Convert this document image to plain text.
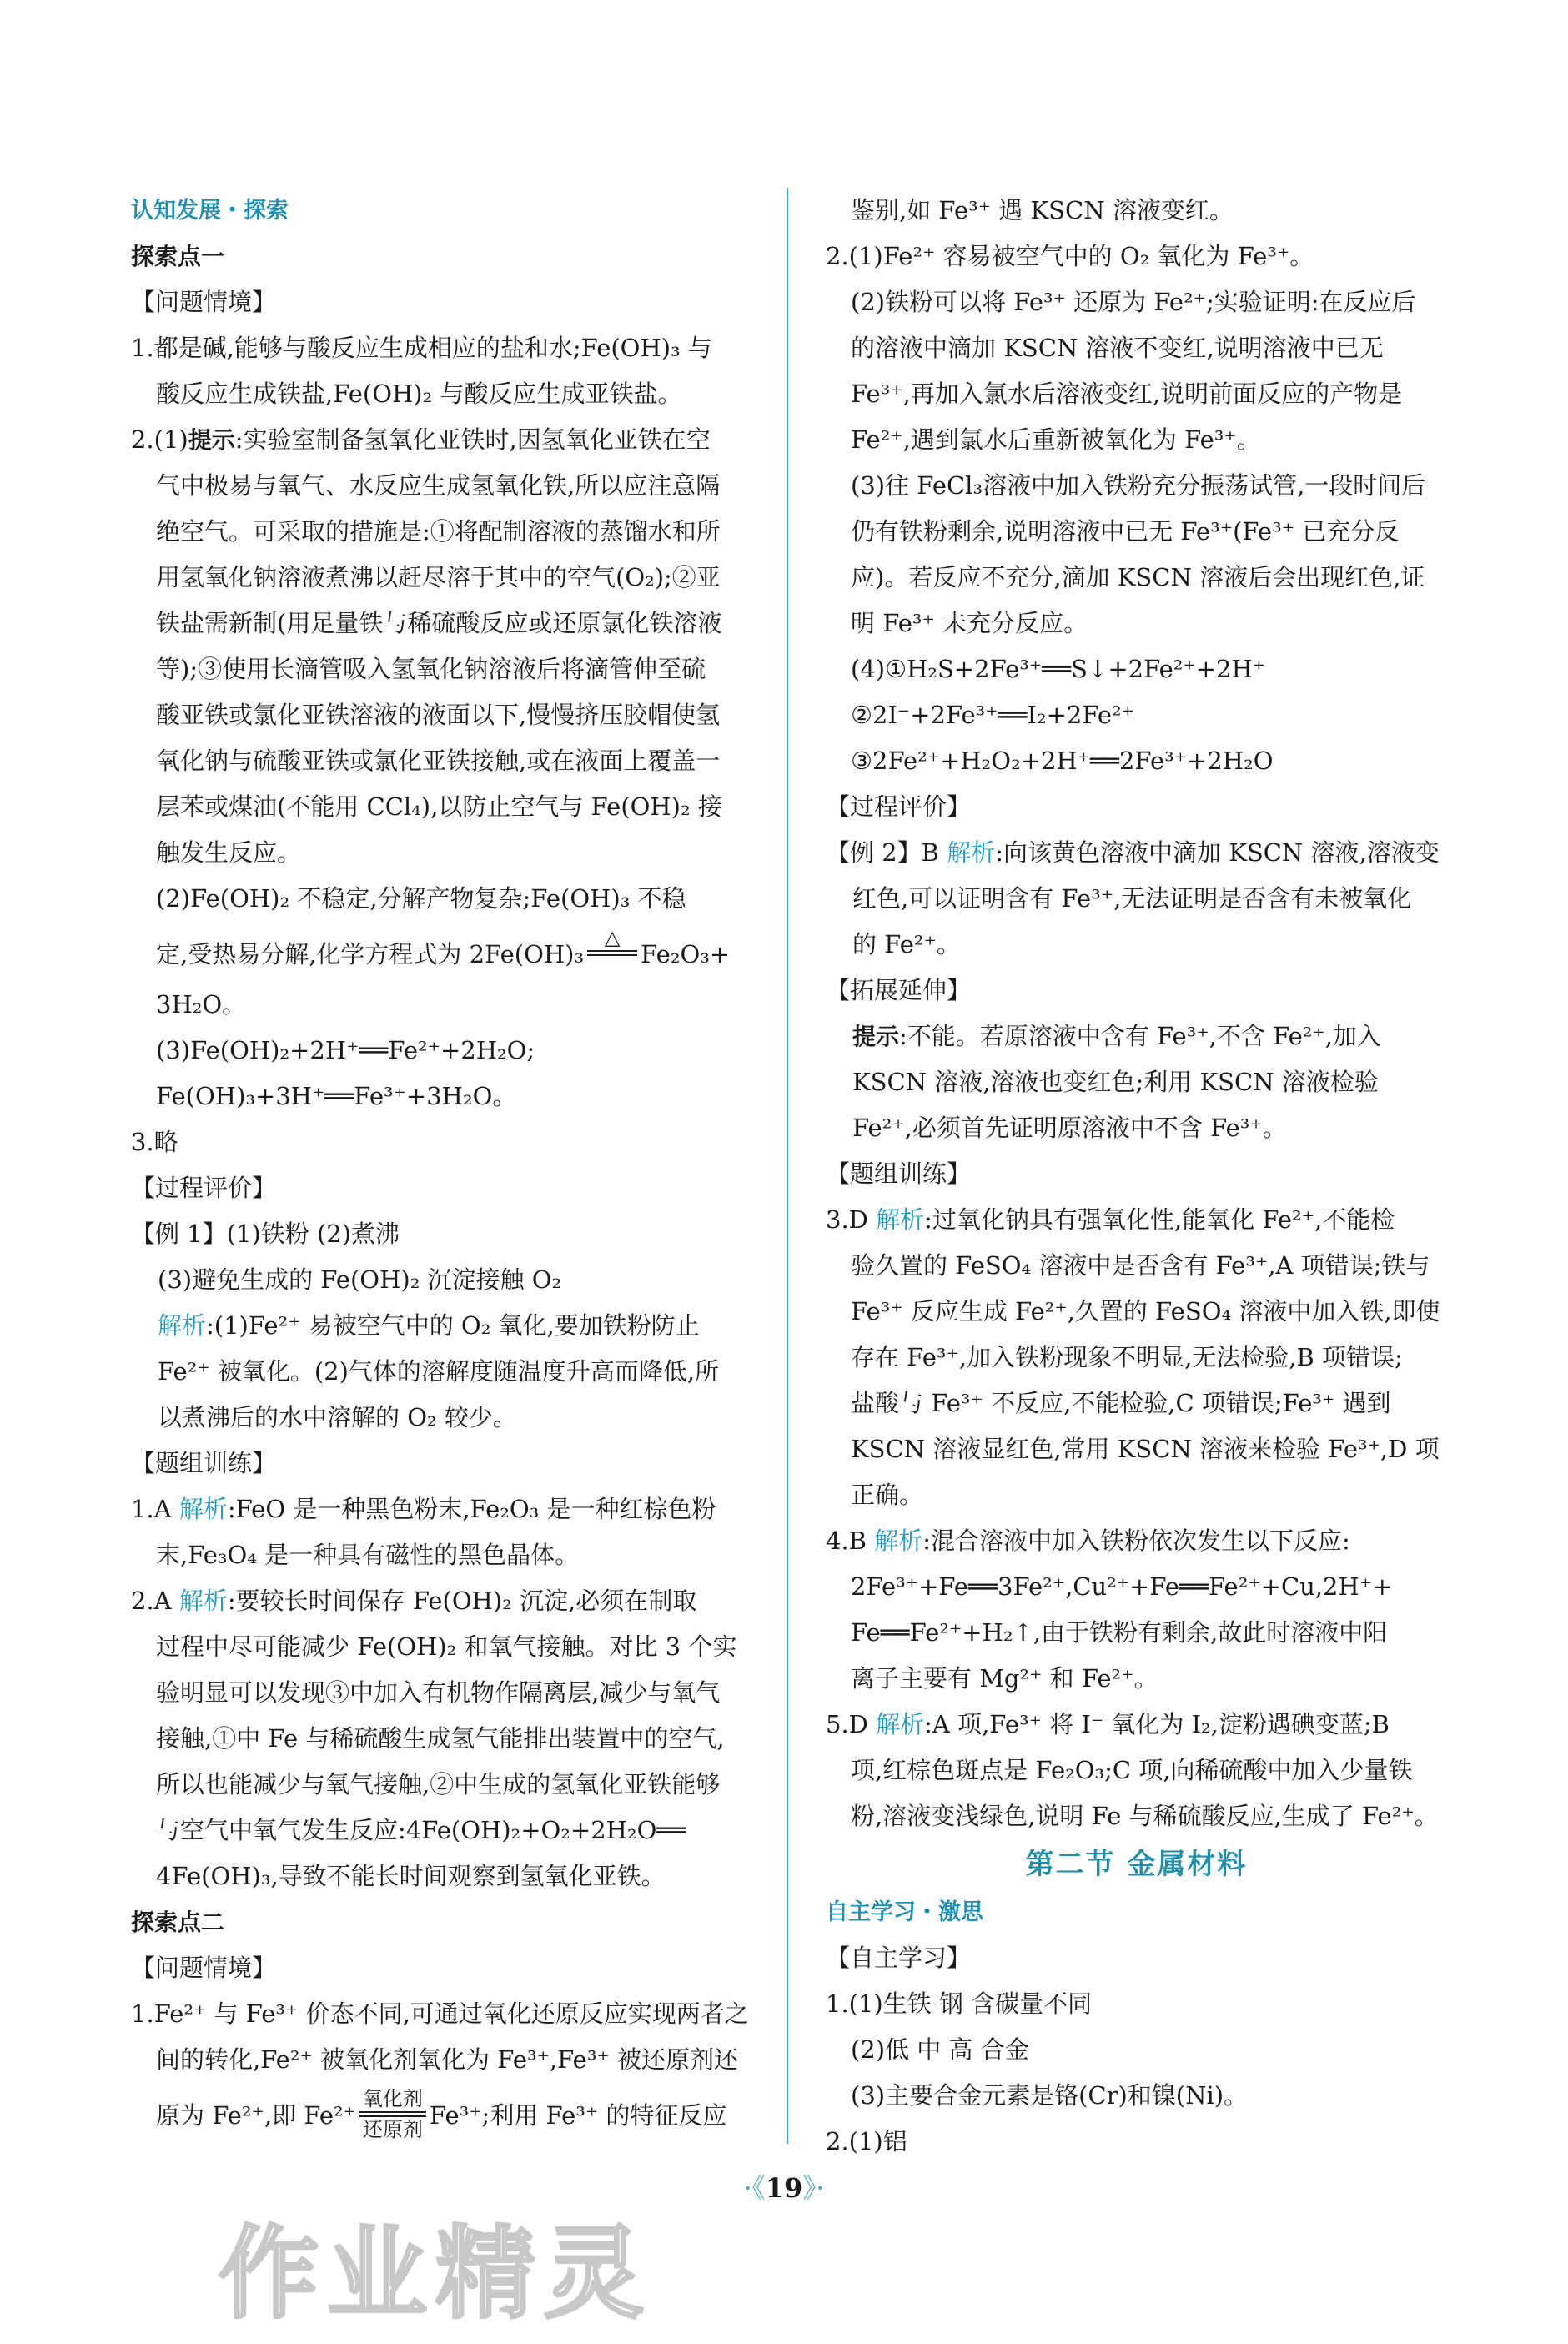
认知发展・探索
探索点一
【问题情境】
1.都是碱,能够与酸反应生成相应的盐和水;Fe(OH)₃ 与
酸反应生成铁盐,Fe(OH)₂ 与酸反应生成亚铁盐。
2.(1)提示:实验室制备氢氧化亚铁时,因氢氧化亚铁在空
气中极易与氧气、水反应生成氢氧化铁,所以应注意隔
绝空气。可采取的措施是:①将配制溶液的蒸馏水和所
用氢氧化钠溶液煮沸以赶尽溶于其中的空气(O₂);②亚
铁盐需新制(用足量铁与稀硫酸反应或还原氯化铁溶液
等);③使用长滴管吸入氢氧化钠溶液后将滴管伸至硫
酸亚铁或氯化亚铁溶液的液面以下,慢慢挤压胶帽使氢
氧化钠与硫酸亚铁或氯化亚铁接触,或在液面上覆盖一
层苯或煤油(不能用 CCl₄),以防止空气与 Fe(OH)₂ 接
触发生反应。
(2)Fe(OH)₂ 不稳定,分解产物复杂;Fe(OH)₃ 不稳
定,受热易分解,化学方程式为 2Fe(OH)₃
△

Fe₂O₃+
3H₂O。
(3)Fe(OH)₂+2H⁺══Fe²⁺+2H₂O;
Fe(OH)₃+3H⁺══Fe³⁺+3H₂O。
3.略
【过程评价】
【例 1】(1)铁粉 (2)煮沸
(3)避免生成的 Fe(OH)₂ 沉淀接触 O₂
解析:(1)Fe²⁺ 易被空气中的 O₂ 氧化,要加铁粉防止
Fe²⁺ 被氧化。(2)气体的溶解度随温度升高而降低,所
以煮沸后的水中溶解的 O₂ 较少。
【题组训练】
1.A 解析:FeO 是一种黑色粉末,Fe₂O₃ 是一种红棕色粉
末,Fe₃O₄ 是一种具有磁性的黑色晶体。
2.A 解析:要较长时间保存 Fe(OH)₂ 沉淀,必须在制取
过程中尽可能减少 Fe(OH)₂ 和氧气接触。对比 3 个实
验明显可以发现③中加入有机物作隔离层,减少与氧气
接触,①中 Fe 与稀硫酸生成氢气能排出装置中的空气,
所以也能减少与氧气接触,②中生成的氢氧化亚铁能够
与空气中氧气发生反应:4Fe(OH)₂+O₂+2H₂O══
4Fe(OH)₃,导致不能长时间观察到氢氧化亚铁。
探索点二
【问题情境】
1.Fe²⁺ 与 Fe³⁺ 价态不同,可通过氧化还原反应实现两者之
间的转化,Fe²⁺ 被氧化剂氧化为 Fe³⁺,Fe³⁺ 被还原剂还
原为 Fe²⁺,即 Fe²⁺
氧化剂
还原剂 Fe³⁺;利用 Fe³⁺ 的特征反应
鉴别,如 Fe³⁺ 遇 KSCN 溶液变红。
2.(1)Fe²⁺ 容易被空气中的 O₂ 氧化为 Fe³⁺。
(2)铁粉可以将 Fe³⁺ 还原为 Fe²⁺;实验证明:在反应后
的溶液中滴加 KSCN 溶液不变红,说明溶液中已无
Fe³⁺,再加入氯水后溶液变红,说明前面反应的产物是
Fe²⁺,遇到氯水后重新被氧化为 Fe³⁺。
(3)往 FeCl₃溶液中加入铁粉充分振荡试管,一段时间后
仍有铁粉剩余,说明溶液中已无 Fe³⁺(Fe³⁺ 已充分反
应)。若反应不充分,滴加 KSCN 溶液后会出现红色,证
明 Fe³⁺ 未充分反应。
(4)①H₂S+2Fe³⁺══S↓+2Fe²⁺+2H⁺
②2I⁻+2Fe³⁺══I₂+2Fe²⁺
③2Fe²⁺+H₂O₂+2H⁺══2Fe³⁺+2H₂O
【过程评价】
【例 2】B 解析:向该黄色溶液中滴加 KSCN 溶液,溶液变
红色,可以证明含有 Fe³⁺,无法证明是否含有未被氧化
的 Fe²⁺。
【拓展延伸】
提示:不能。若原溶液中含有 Fe³⁺,不含 Fe²⁺,加入
KSCN 溶液,溶液也变红色;利用 KSCN 溶液检验
Fe²⁺,必须首先证明原溶液中不含 Fe³⁺。
【题组训练】
3.D 解析:过氧化钠具有强氧化性,能氧化 Fe²⁺,不能检
验久置的 FeSO₄ 溶液中是否含有 Fe³⁺,A 项错误;铁与
Fe³⁺ 反应生成 Fe²⁺,久置的 FeSO₄ 溶液中加入铁,即使
存在 Fe³⁺,加入铁粉现象不明显,无法检验,B 项错误;
盐酸与 Fe³⁺ 不反应,不能检验,C 项错误;Fe³⁺ 遇到
KSCN 溶液显红色,常用 KSCN 溶液来检验 Fe³⁺,D 项
正确。
4.B 解析:混合溶液中加入铁粉依次发生以下反应:
2Fe³⁺+Fe══3Fe²⁺,Cu²⁺+Fe══Fe²⁺+Cu,2H⁺+
Fe══Fe²⁺+H₂↑,由于铁粉有剩余,故此时溶液中阳
离子主要有 Mg²⁺ 和 Fe²⁺。
5.D 解析:A 项,Fe³⁺ 将 I⁻ 氧化为 I₂,淀粉遇碘变蓝;B
项,红棕色斑点是 Fe₂O₃;C 项,向稀硫酸中加入少量铁
粉,溶液变浅绿色,说明 Fe 与稀硫酸反应,生成了 Fe²⁺。
第二节 金属材料
自主学习・激思
【自主学习】
1.(1)生铁 钢 含碳量不同
(2)低 中 高 合金
(3)主要合金元素是铬(Cr)和镍(Ni)。
2.(1)铝
·《19》·
作业精灵
